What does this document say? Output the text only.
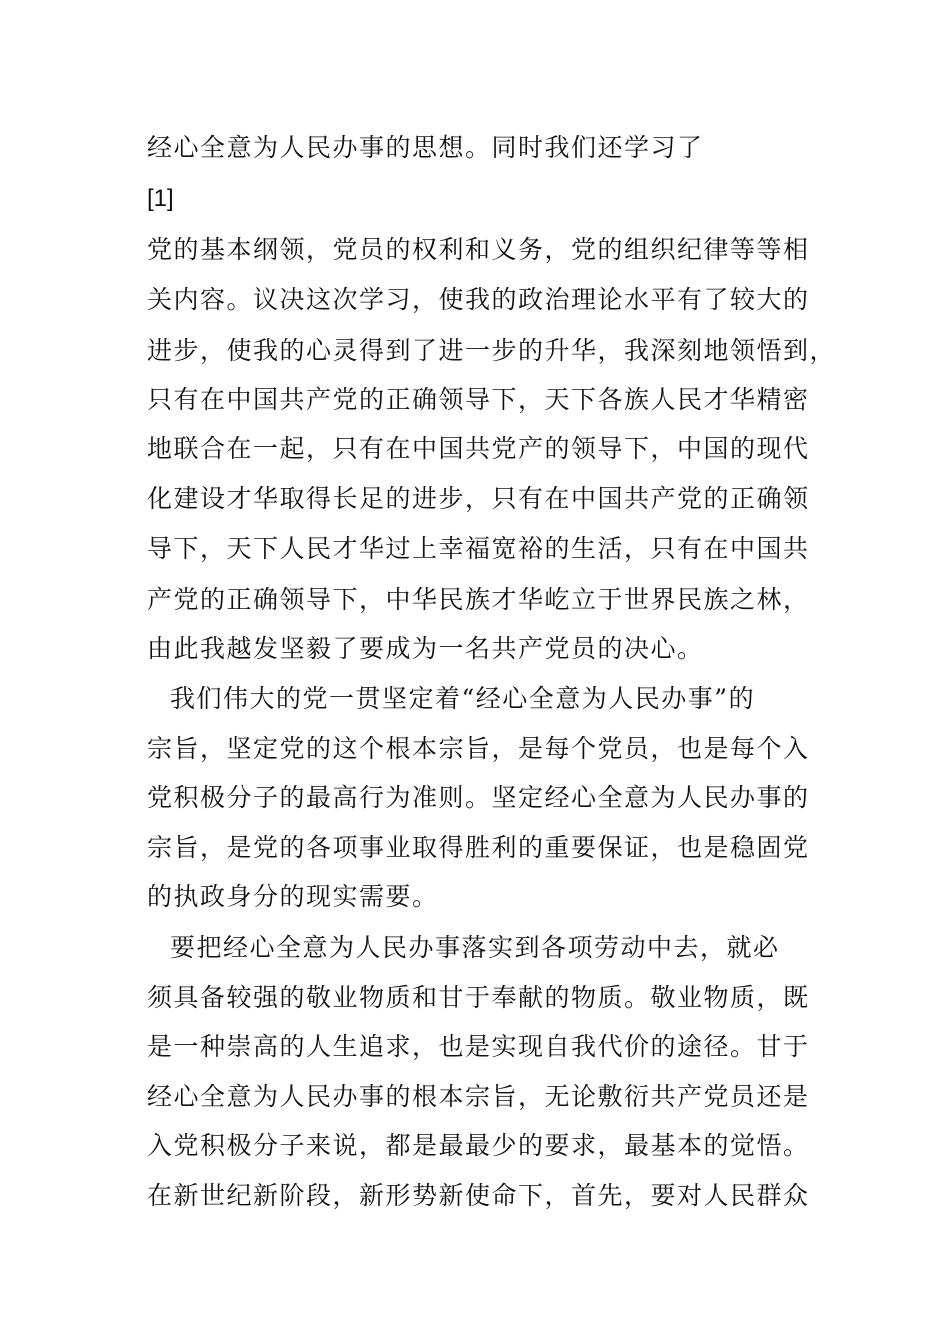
经心全意为人民办事的思想。同时我们还学习了
[1]
党的基本纲领，党员的权利和义务，党的组织纪律等等相
关内容。议决这次学习，使我的政治理论水平有了较大的
进步，使我的心灵得到了进一步的升华，我深刻地领悟到，
只有在中国共产党的正确领导下，天下各族人民才华精密
地联合在一起，只有在中国共党产的领导下，中国的现代
化建设才华取得长足的进步，只有在中国共产党的正确领
导下，天下人民才华过上幸福宽裕的生活，只有在中国共
产党的正确领导下，中华民族才华屹立于世界民族之林，
由此我越发坚毅了要成为一名共产党员的决心。
我们伟大的党一贯坚定着“经心全意为人民办事”的
宗旨，坚定党的这个根本宗旨，是每个党员，也是每个入
党积极分子的最高行为准则。坚定经心全意为人民办事的
宗旨，是党的各项事业取得胜利的重要保证，也是稳固党
的执政身分的现实需要。
要把经心全意为人民办事落实到各项劳动中去，就必
须具备较强的敬业物质和甘于奉献的物质。敬业物质，既
是一种崇高的人生追求，也是实现自我代价的途径。甘于
经心全意为人民办事的根本宗旨，无论敷衍共产党员还是
入党积极分子来说，都是最最少的要求，最基本的觉悟。
在新世纪新阶段，新形势新使命下，首先，要对人民群众
